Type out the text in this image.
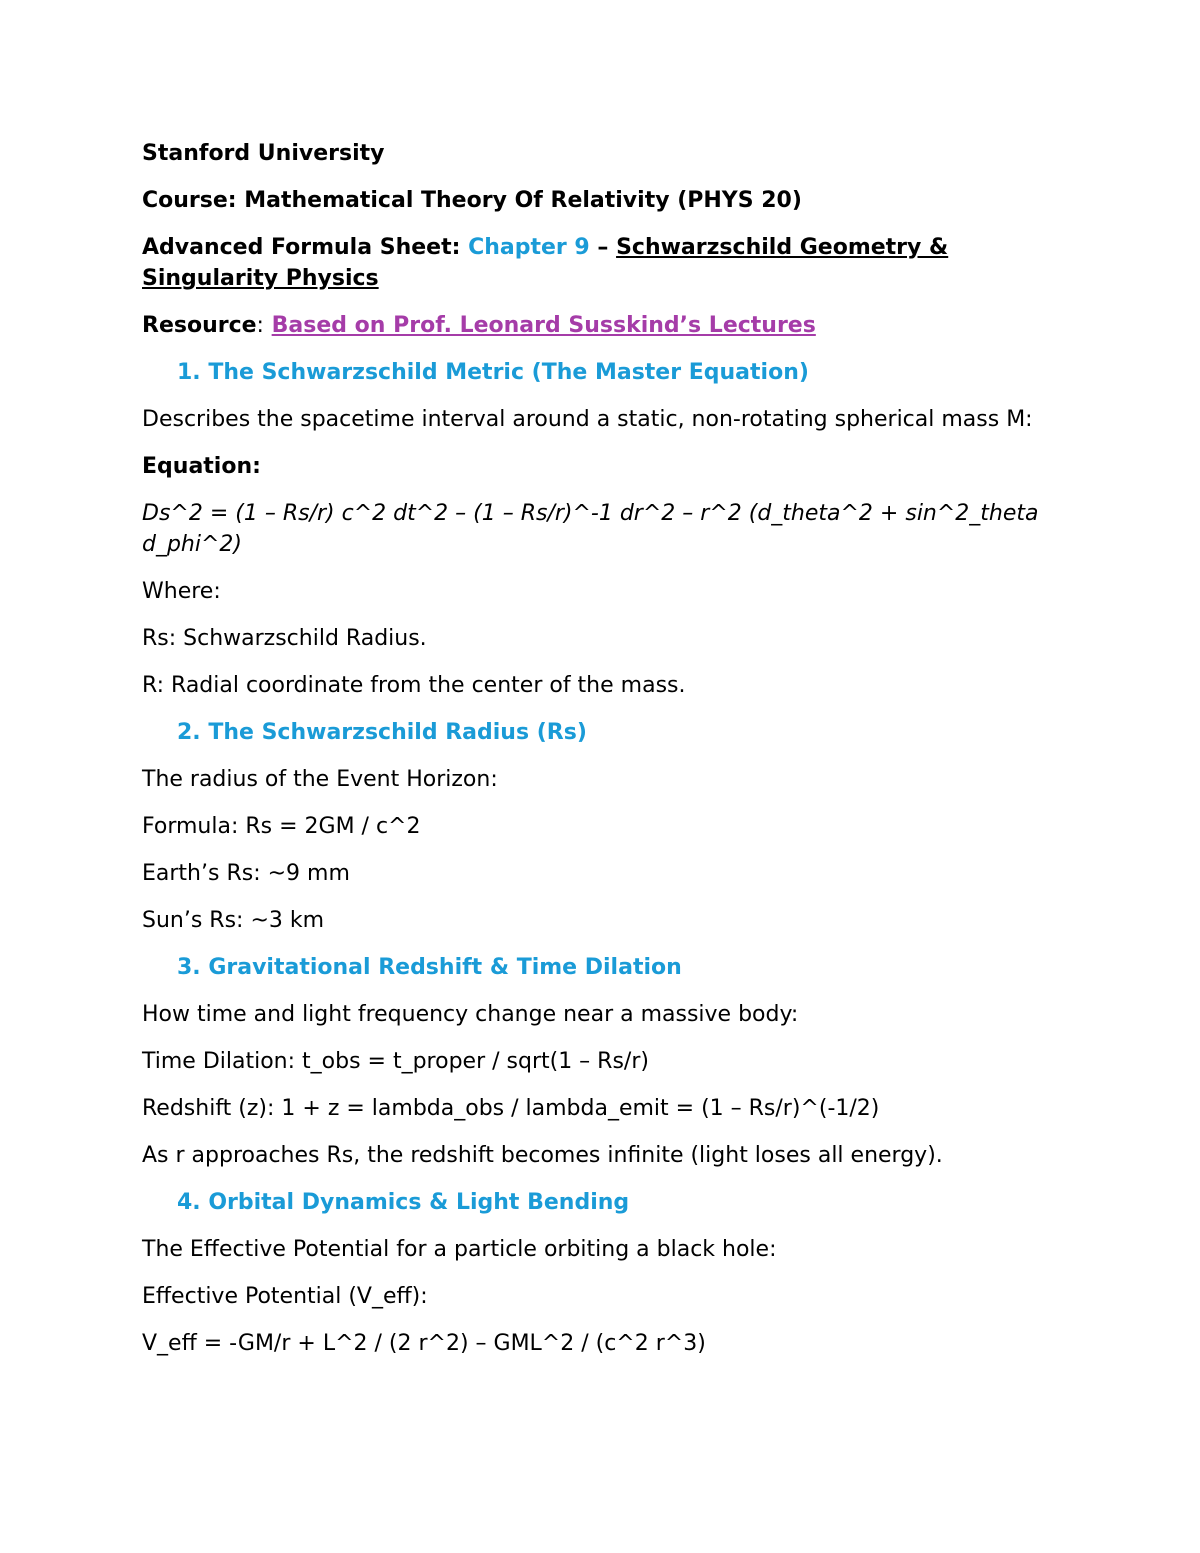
Stanford University

Course: Mathematical Theory Of Relativity (PHYS 20)

Advanced Formula Sheet: Chapter 9 – Schwarzschild Geometry & Singularity Physics

Resource: Based on Prof. Leonard Susskind’s Lectures

1. The Schwarzschild Metric (The Master Equation)

Describes the spacetime interval around a static, non-rotating spherical mass M:

Equation:

Ds^2 = (1 – Rs/r) c^2 dt^2 – (1 – Rs/r)^-1 dr^2 – r^2 (d_theta^2 + sin^2_theta d_phi^2)

Where:

Rs: Schwarzschild Radius.

R: Radial coordinate from the center of the mass.

2. The Schwarzschild Radius (Rs)

The radius of the Event Horizon:

Formula: Rs = 2GM / c^2

Earth’s Rs: ~9 mm

Sun’s Rs: ~3 km

3. Gravitational Redshift & Time Dilation

How time and light frequency change near a massive body:

Time Dilation: t_obs = t_proper / sqrt(1 – Rs/r)

Redshift (z): 1 + z = lambda_obs / lambda_emit = (1 – Rs/r)^(-1/2)

As r approaches Rs, the redshift becomes infinite (light loses all energy).

4. Orbital Dynamics & Light Bending

The Effective Potential for a particle orbiting a black hole:

Effective Potential (V_eff):

V_eff = -GM/r + L^2 / (2 r^2) – GML^2 / (c^2 r^3)
